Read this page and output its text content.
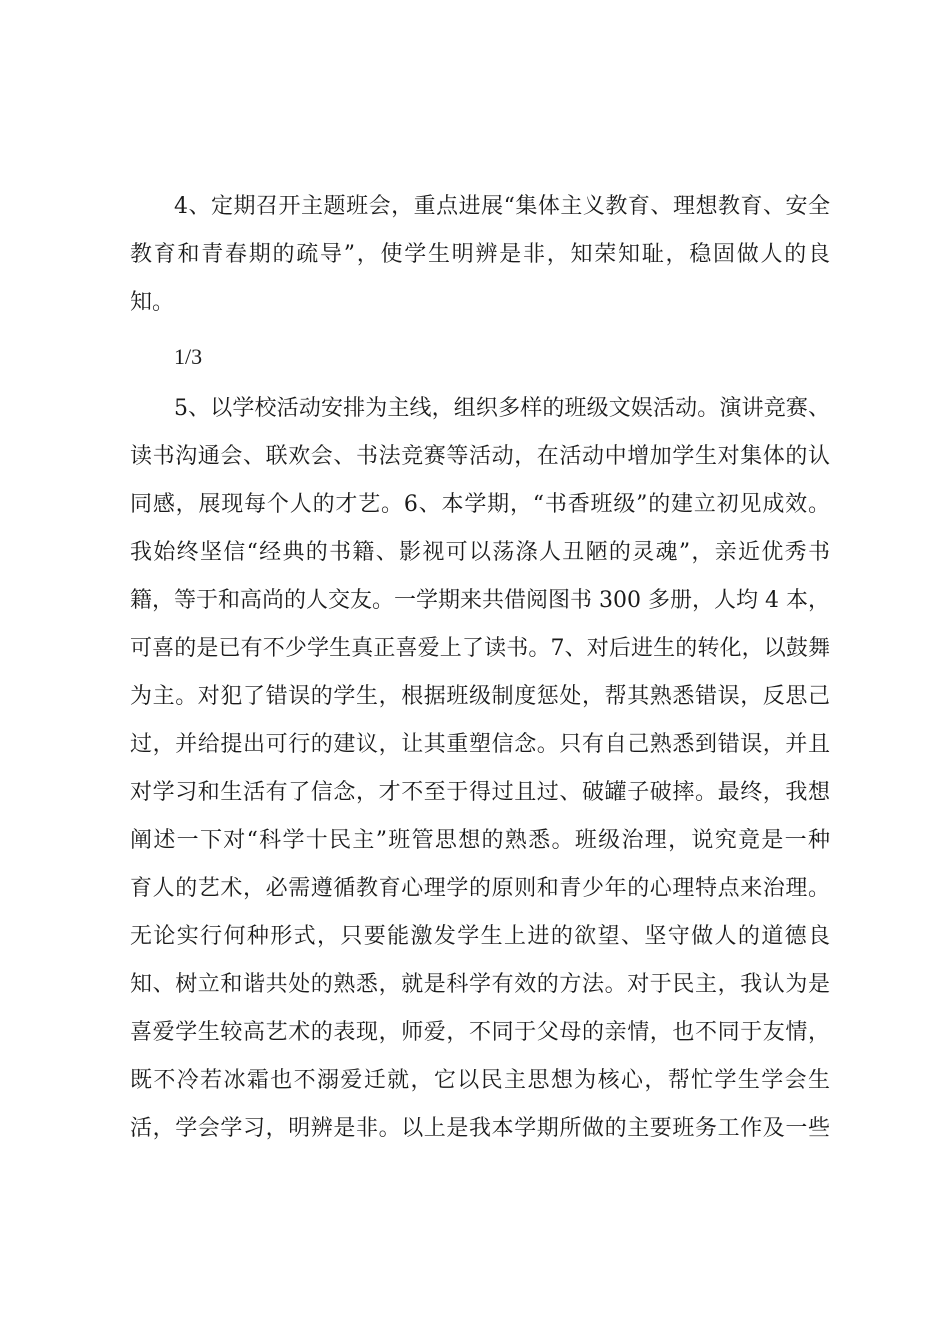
4、定期召开主题班会，重点进展“集体主义教育、理想教育、安全
教育和青春期的疏导”，使学生明辨是非，知荣知耻，稳固做人的良
知。
1/3
5、以学校活动安排为主线，组织多样的班级文娱活动。演讲竞赛、
读书沟通会、联欢会、书法竞赛等活动，在活动中增加学生对集体的认
同感，展现每个人的才艺。6、本学期，“书香班级”的建立初见成效。
我始终坚信“经典的书籍、影视可以荡涤人丑陋的灵魂”，亲近优秀书
籍，等于和高尚的人交友。一学期来共借阅图书 300 多册，人均 4 本，
可喜的是已有不少学生真正喜爱上了读书。7、对后进生的转化，以鼓舞
为主。对犯了错误的学生，根据班级制度惩处，帮其熟悉错误，反思己
过，并给提出可行的建议，让其重塑信念。只有自己熟悉到错误，并且
对学习和生活有了信念，才不至于得过且过、破罐子破摔。最终，我想
阐述一下对“科学十民主”班管思想的熟悉。班级治理，说究竟是一种
育人的艺术，必需遵循教育心理学的原则和青少年的心理特点来治理。
无论实行何种形式，只要能激发学生上进的欲望、坚守做人的道德良
知、树立和谐共处的熟悉，就是科学有效的方法。对于民主，我认为是
喜爱学生较高艺术的表现，师爱，不同于父母的亲情，也不同于友情，
既不冷若冰霜也不溺爱迁就，它以民主思想为核心，帮忙学生学会生
活，学会学习，明辨是非。以上是我本学期所做的主要班务工作及一些
